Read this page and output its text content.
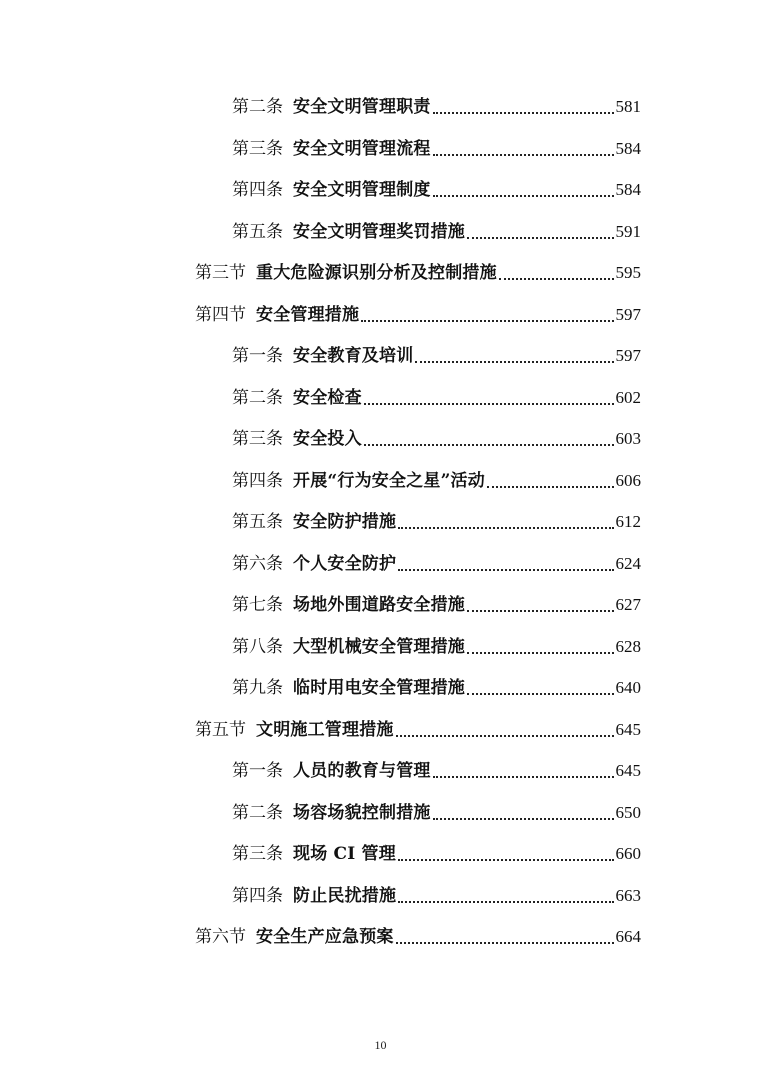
第二条 安全文明管理职责	581
第三条 安全文明管理流程	584
第四条 安全文明管理制度	584
第五条 安全文明管理奖罚措施	591
第三节 重大危险源识别分析及控制措施	595
第四节 安全管理措施	597
第一条 安全教育及培训	597
第二条 安全检查	602
第三条 安全投入	603
第四条 开展“行为安全之星”活动	606
第五条 安全防护措施	612
第六条 个人安全防护	624
第七条 场地外围道路安全措施	627
第八条 大型机械安全管理措施	628
第九条 临时用电安全管理措施	640
第五节 文明施工管理措施	645
第一条 人员的教育与管理	645
第二条 场容场貌控制措施	650
第三条 现场 CI 管理	660
第四条 防止民扰措施	663
第六节 安全生产应急预案	664
10
